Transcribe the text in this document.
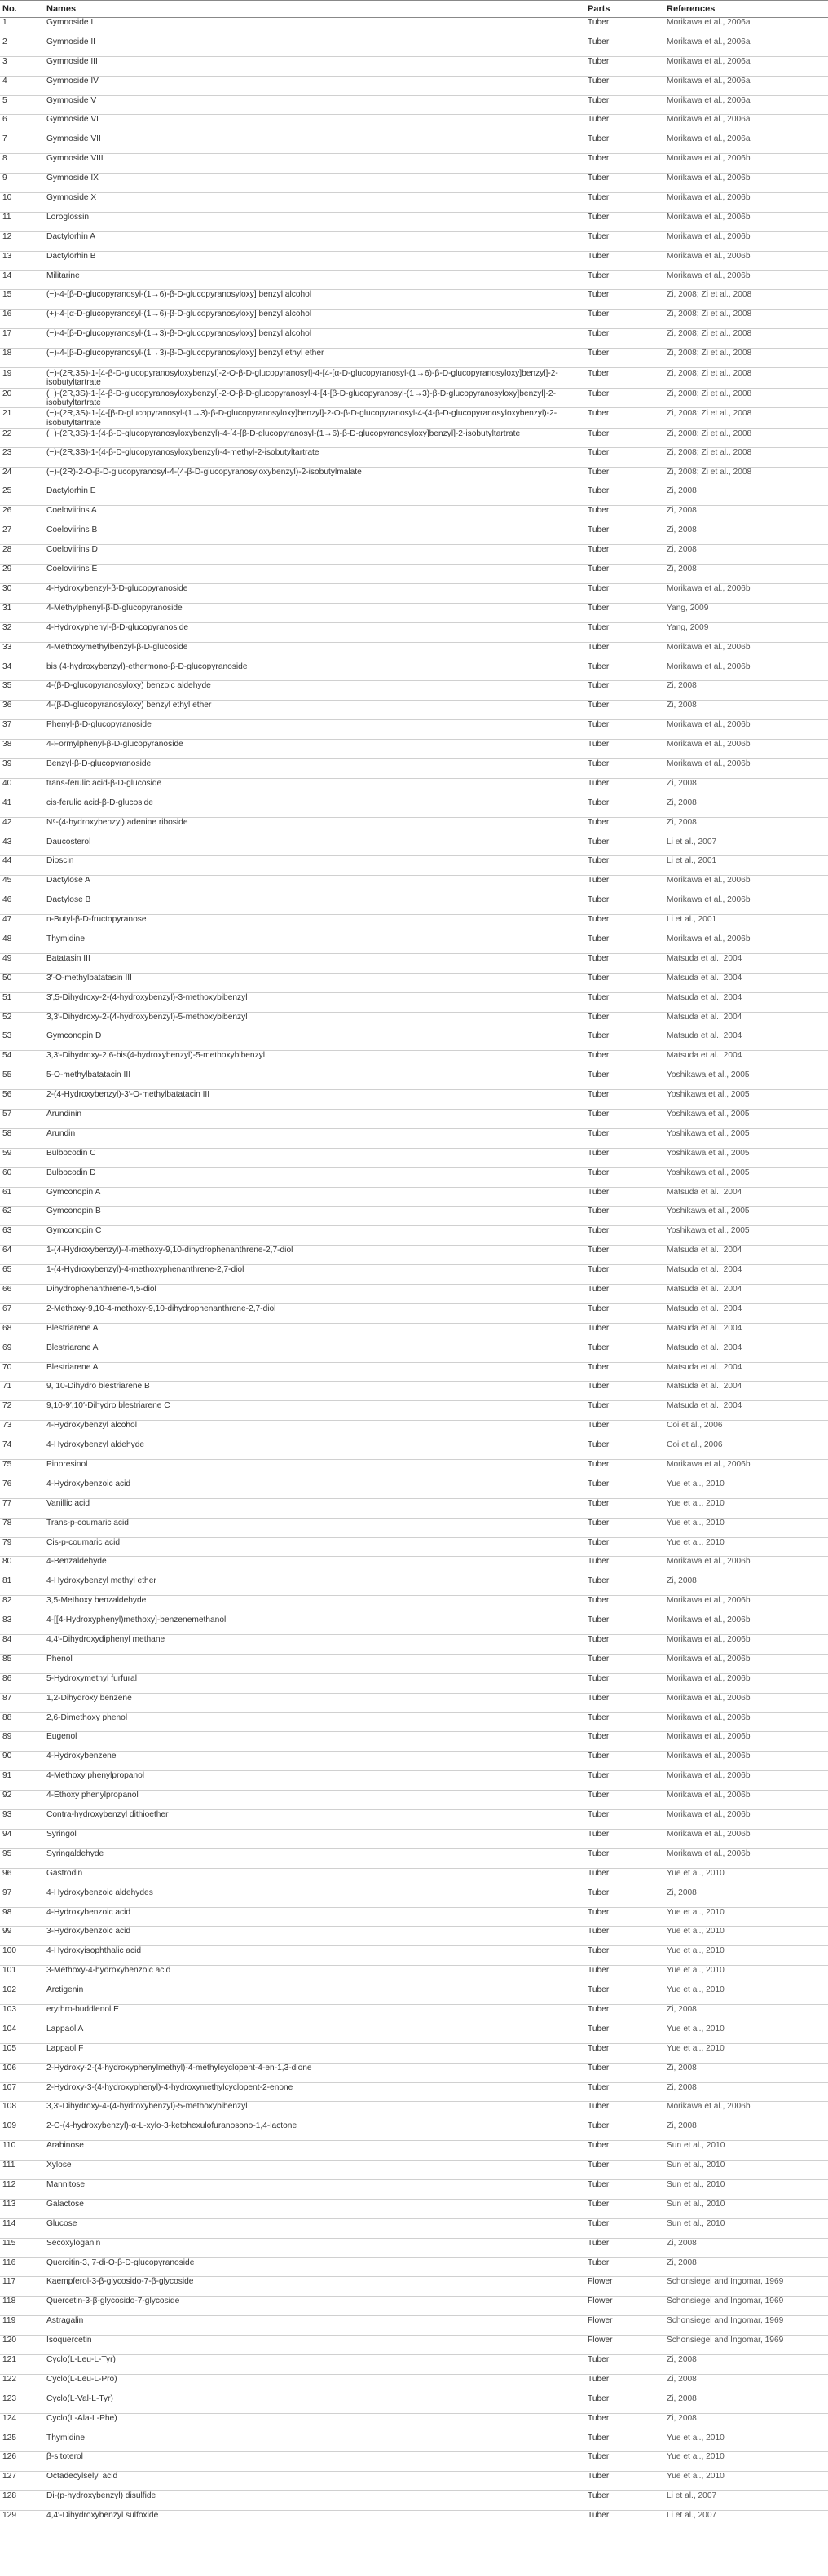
No.	Names	Parts	References
1	Gymnoside I	Tuber	Morikawa et al., 2006a
2	Gymnoside II	Tuber	Morikawa et al., 2006a
3	Gymnoside III	Tuber	Morikawa et al., 2006a
4	Gymnoside IV	Tuber	Morikawa et al., 2006a
5	Gymnoside V	Tuber	Morikawa et al., 2006a
6	Gymnoside VI	Tuber	Morikawa et al., 2006a
7	Gymnoside VII	Tuber	Morikawa et al., 2006a
8	Gymnoside VIII	Tuber	Morikawa et al., 2006b
9	Gymnoside IX	Tuber	Morikawa et al., 2006b
10	Gymnoside X	Tuber	Morikawa et al., 2006b
11	Loroglossin	Tuber	Morikawa et al., 2006b
12	Dactylorhin A	Tuber	Morikawa et al., 2006b
13	Dactylorhin B	Tuber	Morikawa et al., 2006b
14	Militarine	Tuber	Morikawa et al., 2006b
15	(−)-4-[β-D-glucopyranosyl-(1→6)-β-D-glucopyranosyloxy] benzyl alcohol	Tuber	Zi, 2008; Zi et al., 2008
16	(+)-4-[α-D-glucopyranosyl-(1→6)-β-D-glucopyranosyloxy] benzyl alcohol	Tuber	Zi, 2008; Zi et al., 2008
17	(−)-4-[β-D-glucopyranosyl-(1→3)-β-D-glucopyranosyloxy] benzyl alcohol	Tuber	Zi, 2008; Zi et al., 2008
18	(−)-4-[β-D-glucopyranosyl-(1→3)-β-D-glucopyranosyloxy] benzyl ethyl ether	Tuber	Zi, 2008; Zi et al., 2008
19	(−)-(2R,3S)-1-[4-β-D-glucopyranosyloxybenzyl]-2-O-β-D-glucopyranosyl]-4-[4-[α-D-glucopyranosyl-(1→6)-β-D-glucopyranosyloxy]benzyl]-2-isobutyltartrate	Tuber	Zi, 2008; Zi et al., 2008
20	(−)-(2R,3S)-1-[4-β-D-glucopyranosyloxybenzyl]-2-O-β-D-glucopyranosyl-4-[4-[β-D-glucopyranosyl-(1→3)-β-D-glucopyranosyloxy]benzyl]-2-isobutyltartrate	Tuber	Zi, 2008; Zi et al., 2008
21	(−)-(2R,3S)-1-[4-[β-D-glucopyranosyl-(1→3)-β-D-glucopyranosyloxy]benzyl]-2-O-β-D-glucopyranosyl-4-(4-β-D-glucopyranosyloxybenzyl)-2-isobutyltartrate	Tuber	Zi, 2008; Zi et al., 2008
22	(−)-(2R,3S)-1-(4-β-D-glucopyranosyloxybenzyl)-4-[4-[β-D-glucopyranosyl-(1→6)-β-D-glucopyranosyloxy]benzyl]-2-isobutyltartrate	Tuber	Zi, 2008; Zi et al., 2008
23	(−)-(2R,3S)-1-(4-β-D-glucopyranosyloxybenzyl)-4-methyl-2-isobutyltartrate	Tuber	Zi, 2008; Zi et al., 2008
24	(−)-(2R)-2-O-β-D-glucopyranosyl-4-(4-β-D-glucopyranosyloxybenzyl)-2-isobutylmalate	Tuber	Zi, 2008; Zi et al., 2008
25	Dactylorhin E	Tuber	Zi, 2008
26	Coeloviirins A	Tuber	Zi, 2008
27	Coeloviirins B	Tuber	Zi, 2008
28	Coeloviirins D	Tuber	Zi, 2008
29	Coeloviirins E	Tuber	Zi, 2008
30	4-Hydroxybenzyl-β-D-glucopyranoside	Tuber	Morikawa et al., 2006b
31	4-Methylphenyl-β-D-glucopyranoside	Tuber	Yang, 2009
32	4-Hydroxyphenyl-β-D-glucopyranoside	Tuber	Yang, 2009
33	4-Methoxymethylbenzyl-β-D-glucoside	Tuber	Morikawa et al., 2006b
34	bis (4-hydroxybenzyl)-ethermono-β-D-glucopyranoside	Tuber	Morikawa et al., 2006b
35	4-(β-D-glucopyranosyloxy) benzoic aldehyde	Tuber	Zi, 2008
36	4-(β-D-glucopyranosyloxy) benzyl ethyl ether	Tuber	Zi, 2008
37	Phenyl-β-D-glucopyranoside	Tuber	Morikawa et al., 2006b
38	4-Formylphenyl-β-D-glucopyranoside	Tuber	Morikawa et al., 2006b
39	Benzyl-β-D-glucopyranoside	Tuber	Morikawa et al., 2006b
40	trans-ferulic acid-β-D-glucoside	Tuber	Zi, 2008
41	cis-ferulic acid-β-D-glucoside	Tuber	Zi, 2008
42	N⁶-(4-hydroxybenzyl) adenine riboside	Tuber	Zi, 2008
43	Daucosterol	Tuber	Li et al., 2007
44	Dioscin	Tuber	Li et al., 2001
45	Dactylose A	Tuber	Morikawa et al., 2006b
46	Dactylose B	Tuber	Morikawa et al., 2006b
47	n-Butyl-β-D-fructopyranose	Tuber	Li et al., 2001
48	Thymidine	Tuber	Morikawa et al., 2006b
49	Batatasin III	Tuber	Matsuda et al., 2004
50	3′-O-methylbatatasin III	Tuber	Matsuda et al., 2004
51	3′,5-Dihydroxy-2-(4-hydroxybenzyl)-3-methoxybibenzyl	Tuber	Matsuda et al., 2004
52	3,3′-Dihydroxy-2-(4-hydroxybenzyl)-5-methoxybibenzyl	Tuber	Matsuda et al., 2004
53	Gymconopin D	Tuber	Matsuda et al., 2004
54	3,3′-Dihydroxy-2,6-bis(4-hydroxybenzyl)-5-methoxybibenzyl	Tuber	Matsuda et al., 2004
55	5-O-methylbatatacin III	Tuber	Yoshikawa et al., 2005
56	2-(4-Hydroxybenzyl)-3′-O-methylbatatacin III	Tuber	Yoshikawa et al., 2005
57	Arundinin	Tuber	Yoshikawa et al., 2005
58	Arundin	Tuber	Yoshikawa et al., 2005
59	Bulbocodin C	Tuber	Yoshikawa et al., 2005
60	Bulbocodin D	Tuber	Yoshikawa et al., 2005
61	Gymconopin A	Tuber	Matsuda et al., 2004
62	Gymconopin B	Tuber	Yoshikawa et al., 2005
63	Gymconopin C	Tuber	Yoshikawa et al., 2005
64	1-(4-Hydroxybenzyl)-4-methoxy-9,10-dihydrophenanthrene-2,7-diol	Tuber	Matsuda et al., 2004
65	1-(4-Hydroxybenzyl)-4-methoxyphenanthrene-2,7-diol	Tuber	Matsuda et al., 2004
66	Dihydrophenanthrene-4,5-diol	Tuber	Matsuda et al., 2004
67	2-Methoxy-9,10-4-methoxy-9,10-dihydrophenanthrene-2,7-diol	Tuber	Matsuda et al., 2004
68	Blestriarene A	Tuber	Matsuda et al., 2004
69	Blestriarene A	Tuber	Matsuda et al., 2004
70	Blestriarene A	Tuber	Matsuda et al., 2004
71	9, 10-Dihydro blestriarene B	Tuber	Matsuda et al., 2004
72	9,10-9′,10′-Dihydro blestriarene C	Tuber	Matsuda et al., 2004
73	4-Hydroxybenzyl alcohol	Tuber	Coi et al., 2006
74	4-Hydroxybenzyl aldehyde	Tuber	Coi et al., 2006
75	Pinoresinol	Tuber	Morikawa et al., 2006b
76	4-Hydroxybenzoic acid	Tuber	Yue et al., 2010
77	Vanillic acid	Tuber	Yue et al., 2010
78	Trans-p-coumaric acid	Tuber	Yue et al., 2010
79	Cis-p-coumaric acid	Tuber	Yue et al., 2010
80	4-Benzaldehyde	Tuber	Morikawa et al., 2006b
81	4-Hydroxybenzyl methyl ether	Tuber	Zi, 2008
82	3,5-Methoxy benzaldehyde	Tuber	Morikawa et al., 2006b
83	4-[[4-Hydroxyphenyl)methoxy]-benzenemethanol	Tuber	Morikawa et al., 2006b
84	4,4′-Dihydroxydiphenyl methane	Tuber	Morikawa et al., 2006b
85	Phenol	Tuber	Morikawa et al., 2006b
86	5-Hydroxymethyl furfural	Tuber	Morikawa et al., 2006b
87	1,2-Dihydroxy benzene	Tuber	Morikawa et al., 2006b
88	2,6-Dimethoxy phenol	Tuber	Morikawa et al., 2006b
89	Eugenol	Tuber	Morikawa et al., 2006b
90	4-Hydroxybenzene	Tuber	Morikawa et al., 2006b
91	4-Methoxy phenylpropanol	Tuber	Morikawa et al., 2006b
92	4-Ethoxy phenylpropanol	Tuber	Morikawa et al., 2006b
93	Contra-hydroxybenzyl dithioether	Tuber	Morikawa et al., 2006b
94	Syringol	Tuber	Morikawa et al., 2006b
95	Syringaldehyde	Tuber	Morikawa et al., 2006b
96	Gastrodin	Tuber	Yue et al., 2010
97	4-Hydroxybenzoic aldehydes	Tuber	Zi, 2008
98	4-Hydroxybenzoic acid	Tuber	Yue et al., 2010
99	3-Hydroxybenzoic acid	Tuber	Yue et al., 2010
100	4-Hydroxyisophthalic acid	Tuber	Yue et al., 2010
101	3-Methoxy-4-hydroxybenzoic acid	Tuber	Yue et al., 2010
102	Arctigenin	Tuber	Yue et al., 2010
103	erythro-buddlenol E	Tuber	Zi, 2008
104	Lappaol A	Tuber	Yue et al., 2010
105	Lappaol F	Tuber	Yue et al., 2010
106	2-Hydroxy-2-(4-hydroxyphenylmethyl)-4-methylcyclopent-4-en-1,3-dione	Tuber	Zi, 2008
107	2-Hydroxy-3-(4-hydroxyphenyl)-4-hydroxymethylcyclopent-2-enone	Tuber	Zi, 2008
108	3,3′-Dihydroxy-4-(4-hydroxybenzyl)-5-methoxybibenzyl	Tuber	Morikawa et al., 2006b
109	2-C-(4-hydroxybenzyl)-α-L-xylo-3-ketohexulofuranosono-1,4-lactone	Tuber	Zi, 2008
110	Arabinose	Tuber	Sun et al., 2010
111	Xylose	Tuber	Sun et al., 2010
112	Mannitose	Tuber	Sun et al., 2010
113	Galactose	Tuber	Sun et al., 2010
114	Glucose	Tuber	Sun et al., 2010
115	Secoxyloganin	Tuber	Zi, 2008
116	Quercitin-3, 7-di-O-β-D-glucopyranoside	Tuber	Zi, 2008
117	Kaempferol-3-β-glycosido-7-β-glycoside	Flower	Schonsiegel and Ingomar, 1969
118	Quercetin-3-β-glycosido-7-glycoside	Flower	Schonsiegel and Ingomar, 1969
119	Astragalin	Flower	Schonsiegel and Ingomar, 1969
120	Isoquercetin	Flower	Schonsiegel and Ingomar, 1969
121	Cyclo(L-Leu-L-Tyr)	Tuber	Zi, 2008
122	Cyclo(L-Leu-L-Pro)	Tuber	Zi, 2008
123	Cyclo(L-Val-L-Tyr)	Tuber	Zi, 2008
124	Cyclo(L-Ala-L-Phe)	Tuber	Zi, 2008
125	Thymidine	Tuber	Yue et al., 2010
126	β-sitoterol	Tuber	Yue et al., 2010
127	Octadecylselyl acid	Tuber	Yue et al., 2010
128	Di-(p-hydroxybenzyl) disulfide	Tuber	Li et al., 2007
129	4,4′-Dihydroxybenzyl sulfoxide	Tuber	Li et al., 2007
